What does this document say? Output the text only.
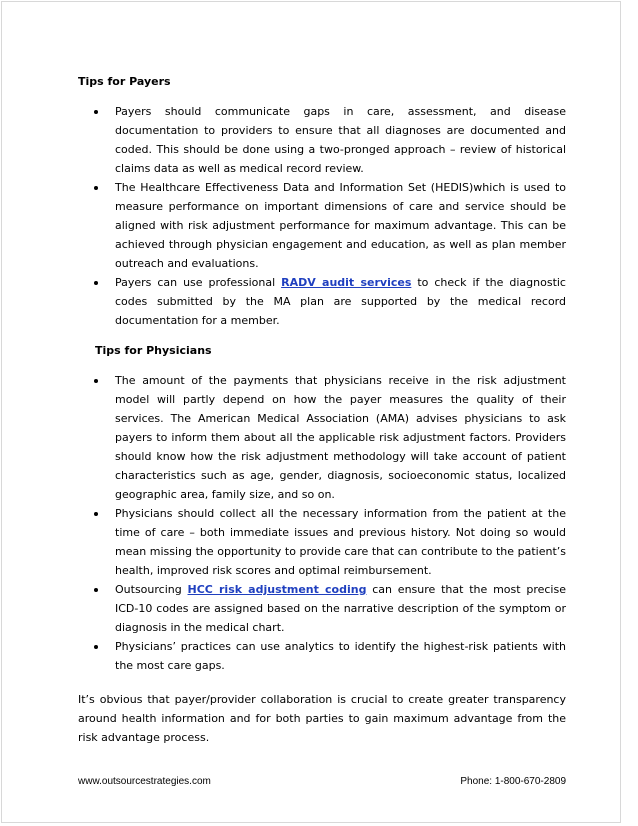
Tips for Payers
Payers should communicate gaps in care, assessment, and disease documentation to providers to ensure that all diagnoses are documented and coded. This should be done using a two-pronged approach – review of historical claims data as well as medical record review.
The Healthcare Effectiveness Data and Information Set (HEDIS)which is used to measure performance on important dimensions of care and service should be aligned with risk adjustment performance for maximum advantage. This can be achieved through physician engagement and education, as well as plan member outreach and evaluations.
Payers can use professional RADV audit services to check if the diagnostic codes submitted by the MA plan are supported by the medical record documentation for a member.
Tips for Physicians
The amount of the payments that physicians receive in the risk adjustment model will partly depend on how the payer measures the quality of their services. The American Medical Association (AMA) advises physicians to ask payers to inform them about all the applicable risk adjustment factors. Providers should know how the risk adjustment methodology will take account of patient characteristics such as age, gender, diagnosis, socioeconomic status, localized geographic area, family size, and so on.
Physicians should collect all the necessary information from the patient at the time of care – both immediate issues and previous history. Not doing so would mean missing the opportunity to provide care that can contribute to the patient’s health, improved risk scores and optimal reimbursement.
Outsourcing HCC risk adjustment coding can ensure that the most precise ICD-10 codes are assigned based on the narrative description of the symptom or diagnosis in the medical chart.
Physicians’ practices can use analytics to identify the highest-risk patients with the most care gaps.
It’s obvious that payer/provider collaboration is crucial to create greater transparency around health information and for both parties to gain maximum advantage from the risk advantage process.
www.outsourcestrategies.com	Phone: 1-800-670-2809
